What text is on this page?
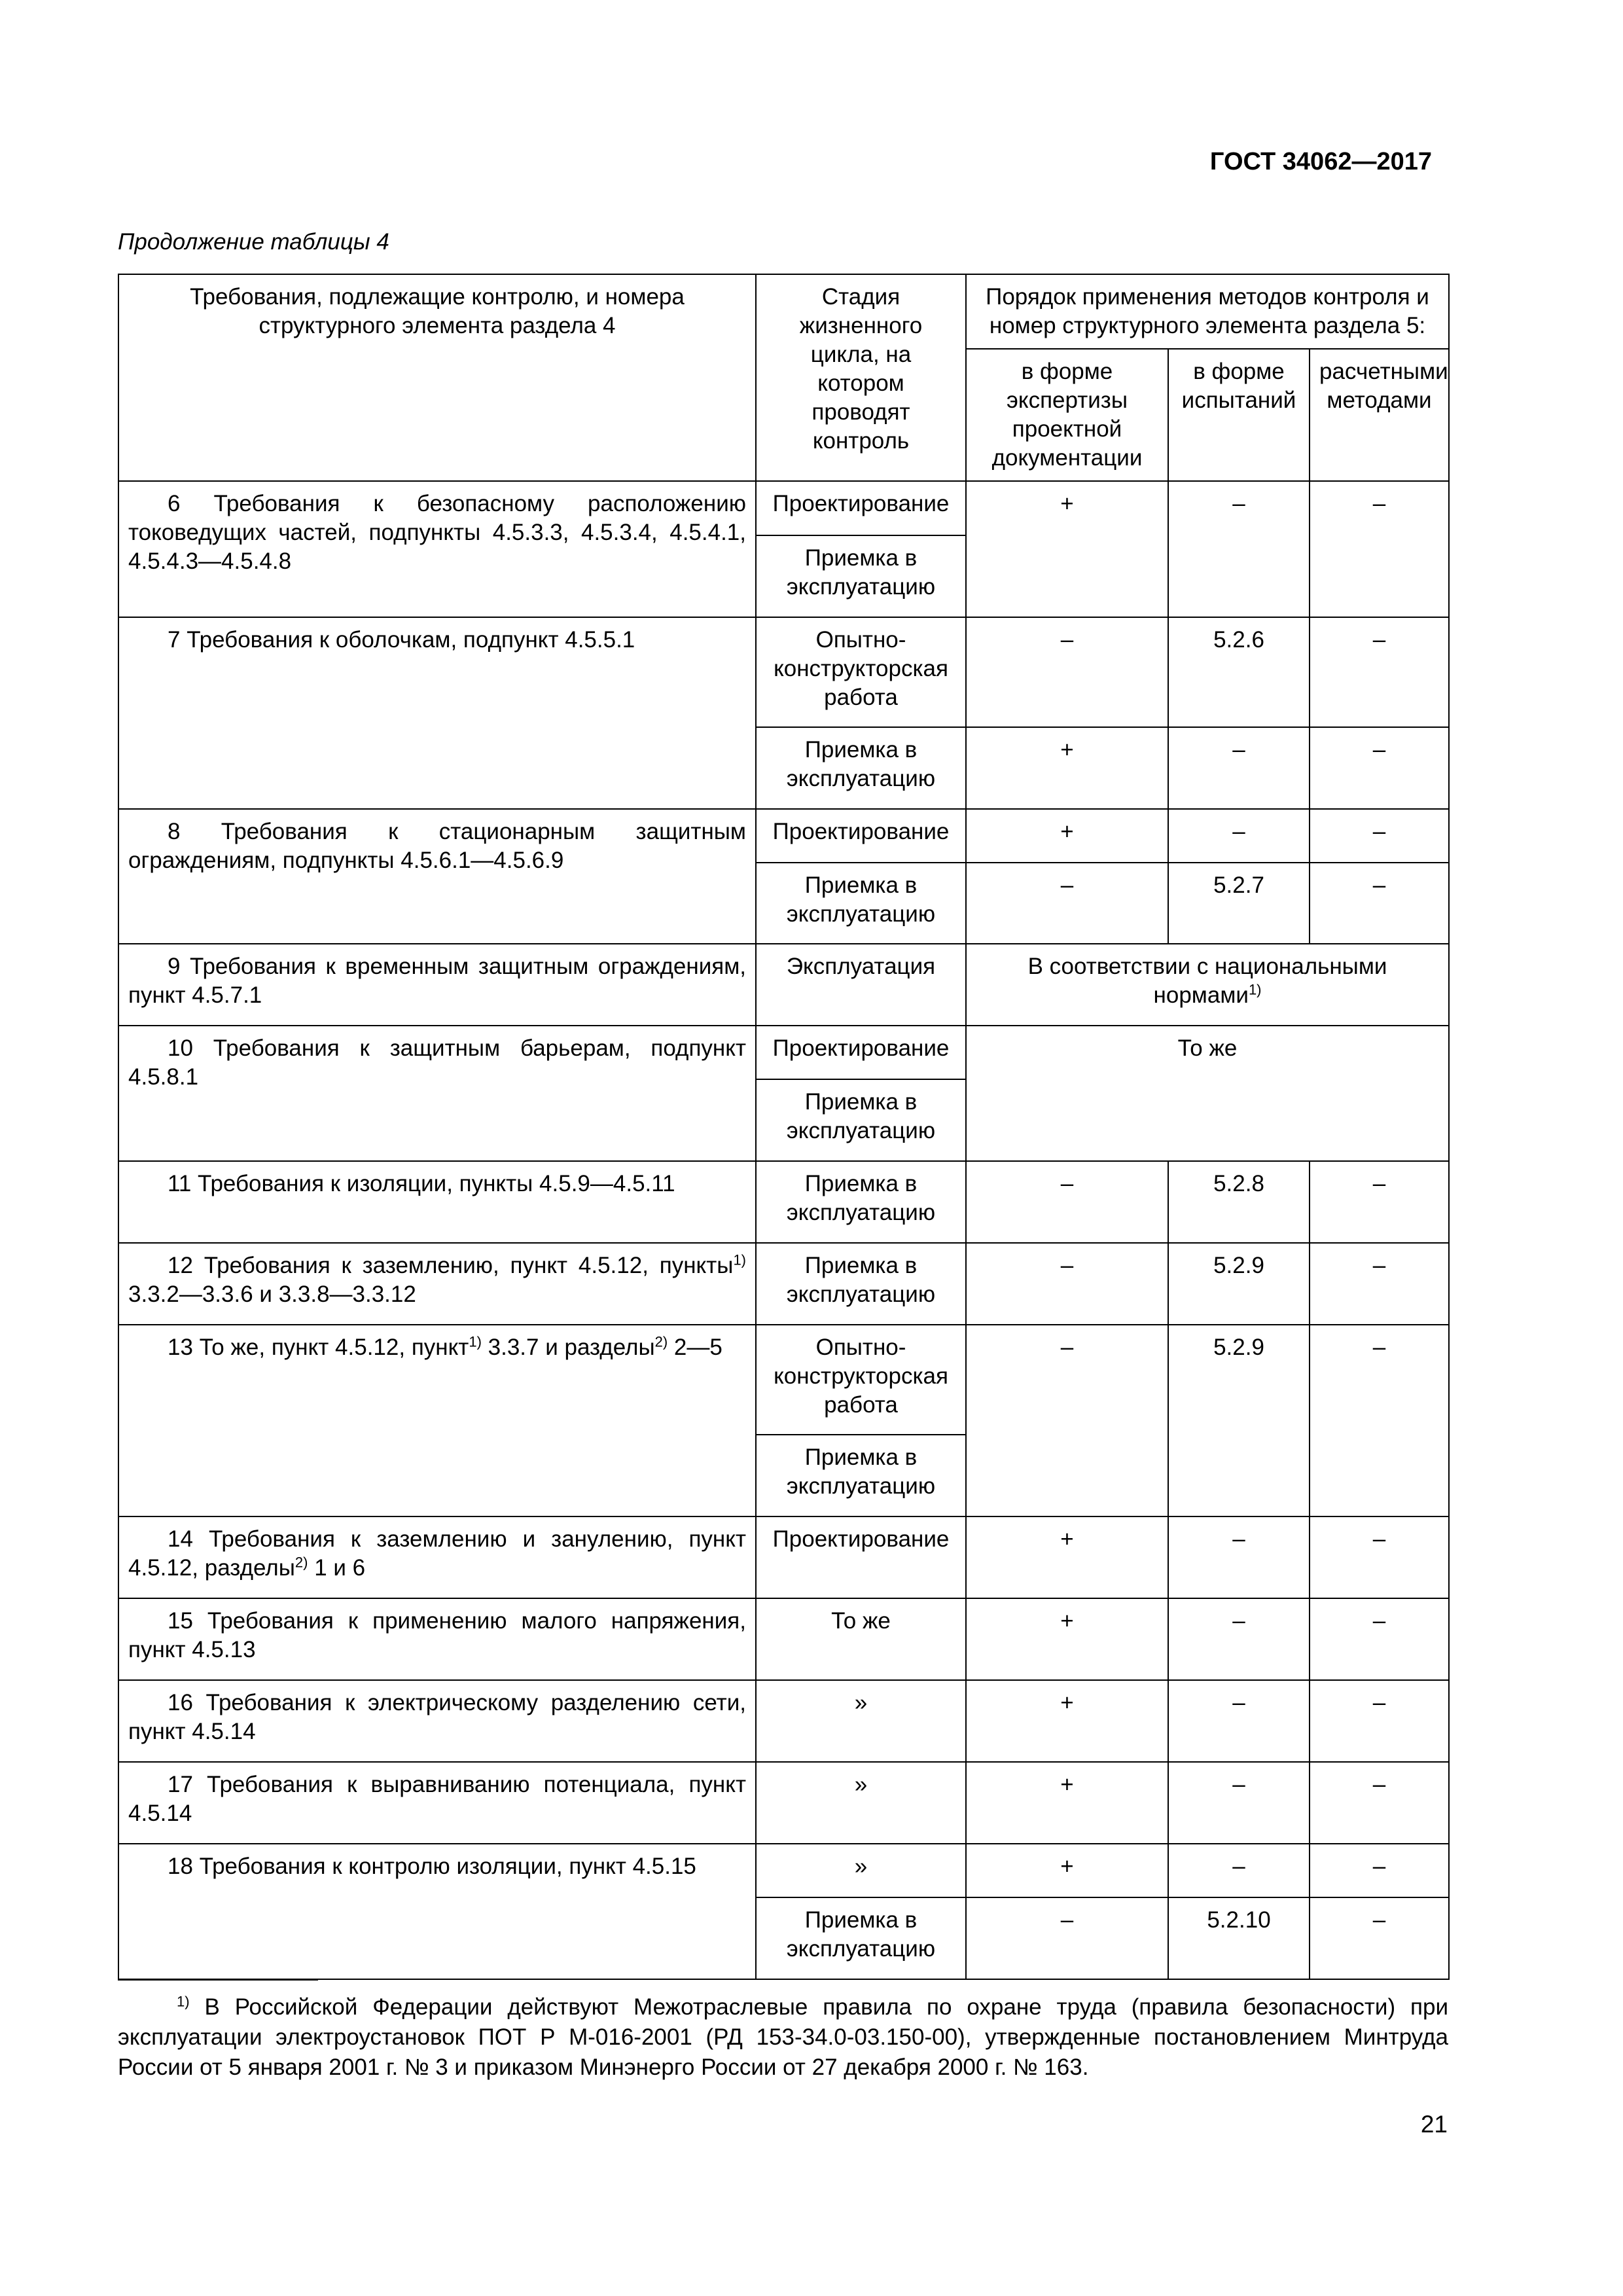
ГОСТ 34062—2017
Продолжение таблицы 4
Требования, подлежащие контролю, и номера структурного элемента раздела 4	Стадия жизненного цикла, на котором проводят контроль	Порядок применения методов контроля и номер структурного элемента раздела 5:		
		в форме экспертизы проектной документации	в форме испытаний	расчетными методами
6 Требования к безопасному расположению токоведущих частей, подпункты 4.5.3.3, 4.5.3.4, 4.5.4.1, 4.5.4.3—4.5.4.8	Проектирование	+	–	–
	Приемка в эксплуатацию			
7 Требования к оболочкам, подпункт 4.5.5.1	Опытно-конструкторская работа	–	5.2.6	–
	Приемка в эксплуатацию	+	–	–
8 Требования к стационарным защитным ограждениям, подпункты 4.5.6.1—4.5.6.9	Проектирование	+	–	–
	Приемка в эксплуатацию	–	5.2.7	–
9 Требования к временным защитным ограждениям, пункт 4.5.7.1	Эксплуатация	В соответствии с национальными нормами$^{1)}$
10 Требования к защитным барьерам, подпункт 4.5.8.1	Проектирование	То же		
	Приемка в эксплуатацию			
11 Требования к изоляции, пункты 4.5.9—4.5.11	Приемка в эксплуатацию	–	5.2.8	–
12 Требования к заземлению, пункт 4.5.12, пункты$^{1)}$ 3.3.2—3.3.6 и 3.3.8—3.3.12	Приемка в эксплуатацию	–	5.2.9	–
13 То же, пункт 4.5.12, пункт$^{1)}$ 3.3.7 и разделы$^{2)}$ 2—5	Опытно-конструкторская работа	–	5.2.9	–
	Приемка в эксплуатацию			
14 Требования к заземлению и занулению, пункт 4.5.12, разделы$^{2)}$ 1 и 6	Проектирование	+	–	–
15 Требования к применению малого напряжения, пункт 4.5.13	То же	+	–	–
16 Требования к электрическому разделению сети, пункт 4.5.14	»	+	–	–
17 Требования к выравниванию потенциала, пункт 4.5.14	»	+	–	–
18 Требования к контролю изоляции, пункт 4.5.15	»	+	–	–
	Приемка в эксплуатацию	–	5.2.10	–
$^{1)}$ В Российской Федерации действуют Межотраслевые правила по охране труда (правила безопасности) при эксплуатации электроустановок ПОТ Р М-016-2001 (РД 153-34.0-03.150-00), утвержденные постановлением Минтруда России от 5 января 2001 г. № 3 и приказом Минэнерго России от 27 декабря 2000 г. № 163.
21
